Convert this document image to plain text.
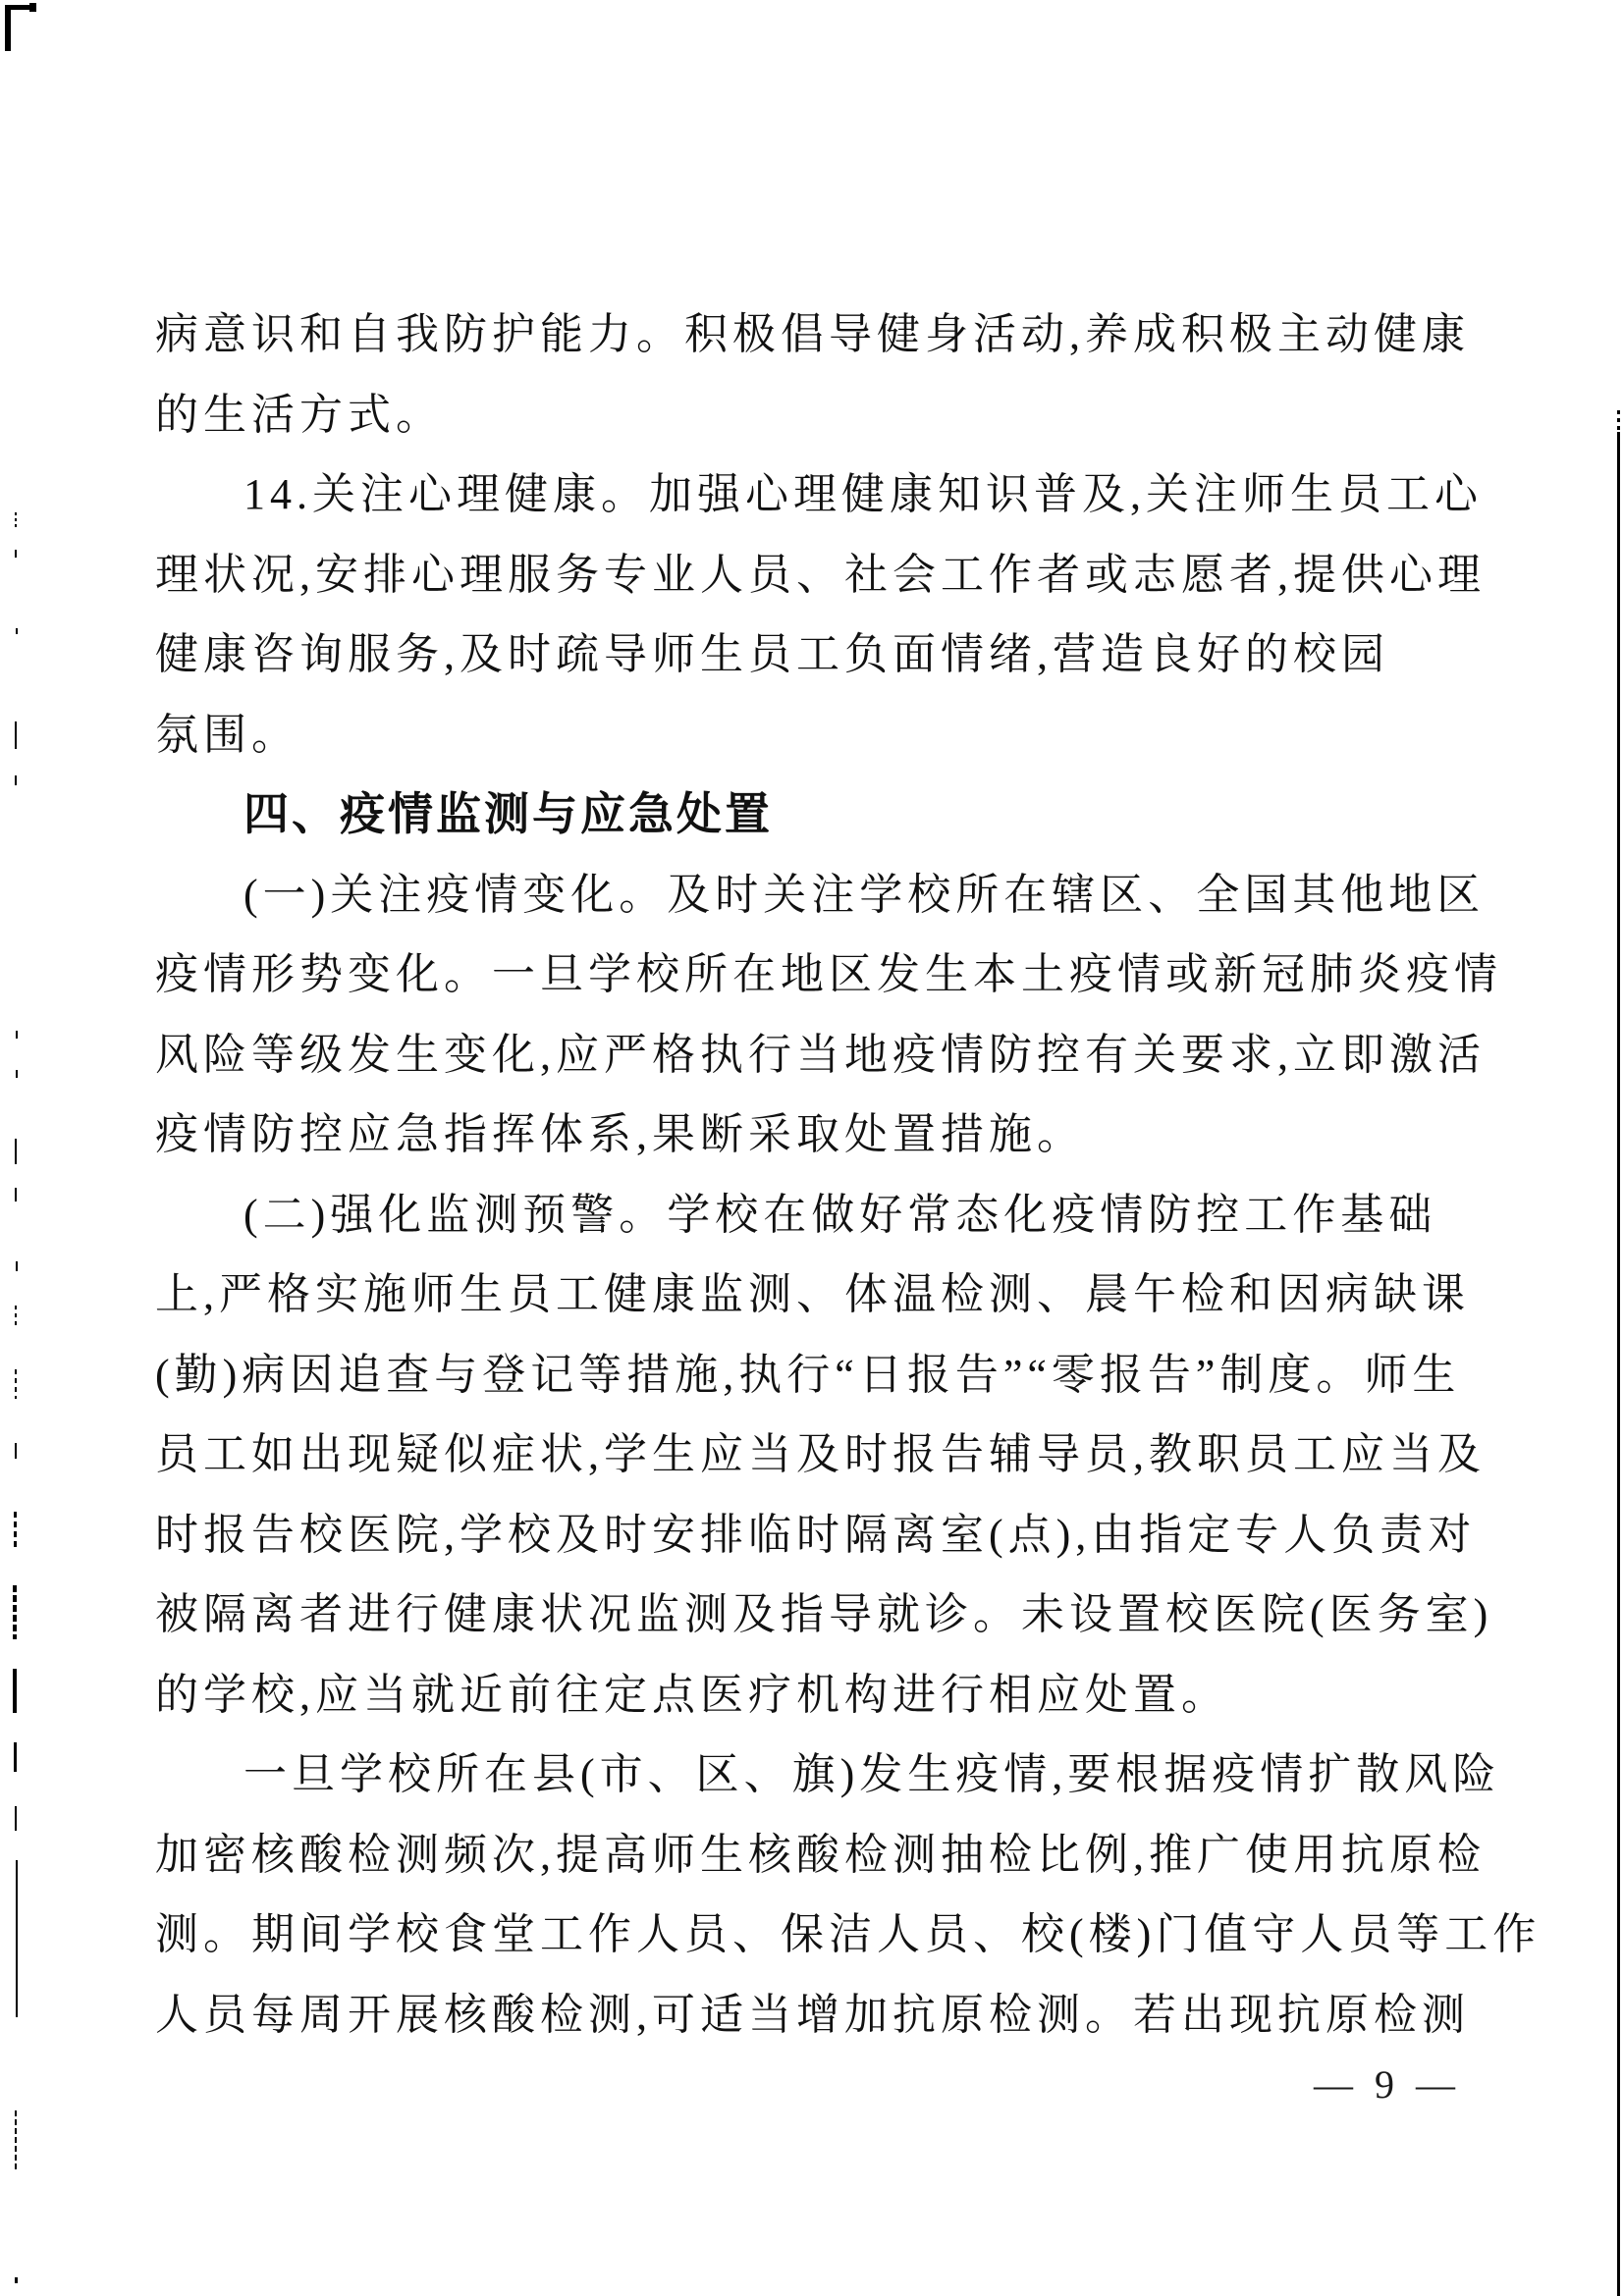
病意识和自我防护能力。积极倡导健身活动,养成积极主动健康
的生活方式。
14.关注心理健康。加强心理健康知识普及,关注师生员工心
理状况,安排心理服务专业人员、社会工作者或志愿者,提供心理
健康咨询服务,及时疏导师生员工负面情绪,营造良好的校园
氛围。
四、疫情监测与应急处置
(一)关注疫情变化。及时关注学校所在辖区、全国其他地区
疫情形势变化。一旦学校所在地区发生本土疫情或新冠肺炎疫情
风险等级发生变化,应严格执行当地疫情防控有关要求,立即激活
疫情防控应急指挥体系,果断采取处置措施。
(二)强化监测预警。学校在做好常态化疫情防控工作基础
上,严格实施师生员工健康监测、体温检测、晨午检和因病缺课
(勤)病因追查与登记等措施,执行“日报告”“零报告”制度。师生
员工如出现疑似症状,学生应当及时报告辅导员,教职员工应当及
时报告校医院,学校及时安排临时隔离室(点),由指定专人负责对
被隔离者进行健康状况监测及指导就诊。未设置校医院(医务室)
的学校,应当就近前往定点医疗机构进行相应处置。
一旦学校所在县(市、区、旗)发生疫情,要根据疫情扩散风险
加密核酸检测频次,提高师生核酸检测抽检比例,推广使用抗原检
测。期间学校食堂工作人员、保洁人员、校(楼)门值守人员等工作
人员每周开展核酸检测,可适当增加抗原检测。若出现抗原检测
— 9 —
